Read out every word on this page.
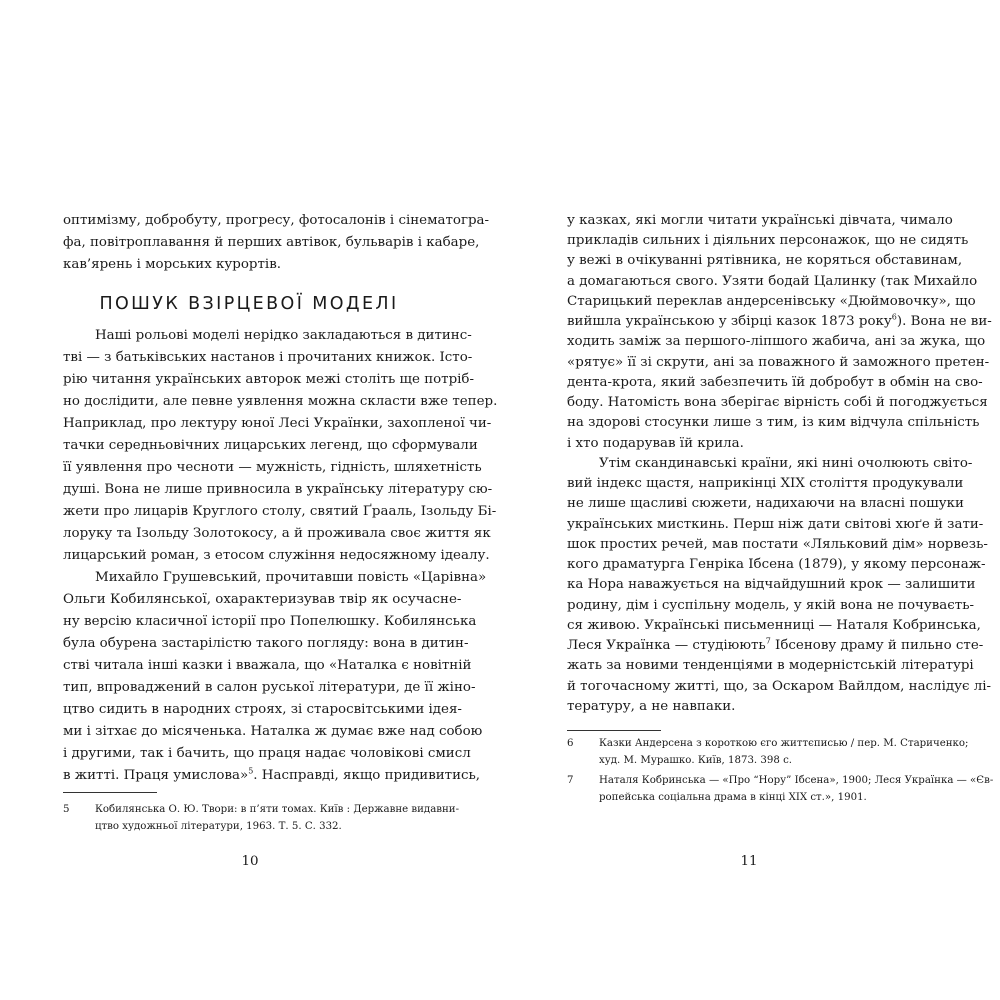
оптимізму, добробуту, прогресу, фотосалонів і сінематогра-
фа, повітроплавання й перших автівок, бульварів і кабаре,
кав’ярень і морських курортів.
ПОШУК ВЗІРЦЕВОЇ МОДЕЛІ
Наші рольові моделі нерідко закладаються в дитинс-
тві — з батьківських настанов і прочитаних книжок. Істо-
рію читання українських авторок межі століть ще потріб-
но дослідити, але певне уявлення можна скласти вже тепер.
Наприклад, про лектуру юної Лесі Українки, захопленої чи-
тачки середньовічних лицарських легенд, що сформували
її уявлення про чесноти — мужність, гідність, шляхетність
душі. Вона не лише привносила в українську літературу сю-
жети про лицарів Круглого столу, святий Ґрааль, Ізольду Бі-
лоруку та Ізольду Золотокосу, а й проживала своє життя як
лицарський роман, з етосом служіння недосяжному ідеалу.
Михайло Грушевський, прочитавши повість «Царівна»
Ольги Кобилянської, охарактеризував твір як осучасне-
ну версію класичної історії про Попелюшку. Кобилянська
була обурена застарілістю такого погляду: вона в дитин-
стві читала інші казки і вважала, що «Наталка є новітній
тип, впроваджений в салон руської літератури, де її жіно-
цтво сидить в народних строях, зі старосвітськими ідея-
ми і зітхає до місяченька. Наталка ж думає вже над собою
і другими, так і бачить, що праця надає чоловікові смисл
в житті. Праця умислова»$^5$. Насправді, якщо придивитись,
5	Кобилянська О. Ю. Твори: в п’яти томах. Київ : Державне видавни-
цтво художньої літератури, 1963. Т. 5. С. 332.
10
у казках, які могли читати українські дівчата, чимало
прикладів сильних і діяльних персонажок, що не сидять
у вежі в очікуванні рятівника, не коряться обставинам,
а домагаються свого. Узяти бодай Цалинку (так Михайло
Старицький переклав андерсенівську «Дюймовочку», що
вийшла українською у збірці казок 1873 року$^6$). Вона не ви-
ходить заміж за першого-ліпшого жабича, ані за жука, що
«рятує» її зі скрути, ані за поважного й заможного претен-
дента-крота, який забезпечить їй добробут в обмін на сво-
боду. Натомість вона зберігає вірність собі й погоджується
на здорові стосунки лише з тим, із ким відчула спільність
і хто подарував їй крила.
Утім скандинавські країни, які нині очолюють світо-
вий індекс щастя, наприкінці XIX століття продукували
не лише щасливі сюжети, надихаючи на власні пошуки
українських мисткинь. Перш ніж дати світові хюґе й зати-
шок простих речей, мав постати «Ляльковий дім» норвезь-
кого драматурга Генріка Ібсена (1879), у якому персонаж-
ка Нора наважується на відчайдушний крок — залишити
родину, дім і суспільну модель, у якій вона не почуваєть-
ся живою. Українські письменниці — Наталя Кобринська,
Леся Українка — студіюють$^7$ Ібсенову драму й пильно сте-
жать за новими тенденціями в модерністській літературі
й тогочасному житті, що, за Оскаром Вайлдом, наслідує лі-
тературу, а не навпаки.
6	Казки Андерсена з короткою єго життєписью / пер. М. Стариченко;
худ. М. Мурашко. Київ, 1873. 398 с.
7	Наталя Кобринська — «Про “Нору” Ібсена», 1900; Леся Українка — «Єв-
ропейська соціальна драма в кінці XIX ст.», 1901.
11
